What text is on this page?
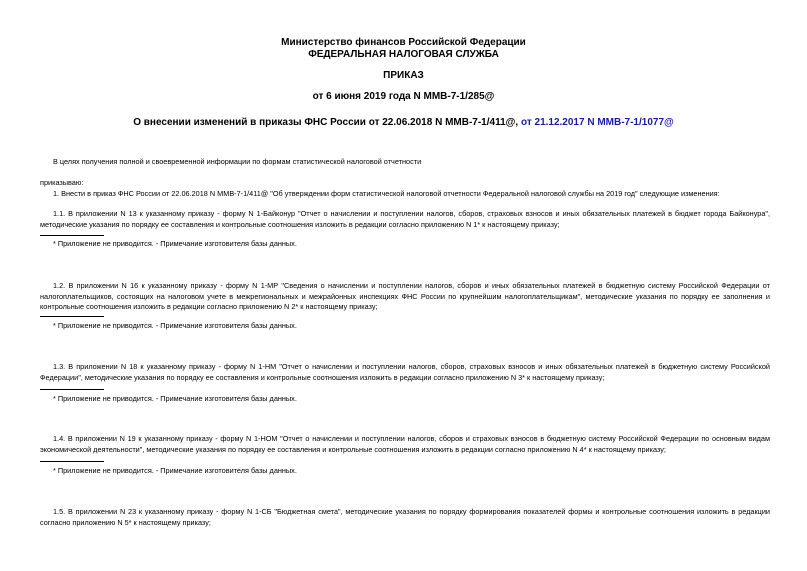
Министерство финансов Российской Федерации
ФЕДЕРАЛЬНАЯ НАЛОГОВАЯ СЛУЖБА
ПРИКАЗ
от 6 июня 2019 года N ММВ-7-1/285@
О внесении изменений в приказы ФНС России от 22.06.2018 N ММВ-7-1/411@, от 21.12.2017 N ММВ-7-1/1077@
В целях получения полной и своевременной информации по формам статистической налоговой отчетности
приказываю:
1. Внести в приказ ФНС России от 22.06.2018 N ММВ-7-1/411@ "Об утверждении форм статистической налоговой отчетности Федеральной налоговой службы на 2019 год" следующие изменения:
1.1. В приложении N 13 к указанному приказу - форму N 1-Байконур "Отчет о начислении и поступлении налогов, сборов, страховых взносов и иных обязательных платежей в бюджет города Байконура", методические указания по порядку ее составления и контрольные соотношения изложить в редакции согласно приложению N 1* к настоящему приказу;
* Приложение не приводится. - Примечание изготовителя базы данных.
1.2. В приложении N 16 к указанному приказу - форму N 1-МР "Сведения о начислении и поступлении налогов, сборов и иных обязательных платежей в бюджетную систему Российской Федерации от налогоплательщиков, состоящих на налоговом учете в межрегиональных и межрайонных инспекциях ФНС России по крупнейшим налогоплательщикам", методические указания по порядку ее заполнения и контрольные соотношения изложить в редакции согласно приложению N 2* к настоящему приказу;
* Приложение не приводится. - Примечание изготовителя базы данных.
1.3. В приложении N 18 к указанному приказу - форму N 1-НМ "Отчет о начислении и поступлении налогов, сборов, страховых взносов и иных обязательных платежей в бюджетную систему Российской Федерации", методические указания по порядку ее составления и контрольные соотношения изложить в редакции согласно приложению N 3* к настоящему приказу;
* Приложение не приводится. - Примечание изготовителя базы данных.
1.4. В приложении N 19 к указанному приказу - форму N 1-НОМ "Отчет о начислении и поступлении налогов, сборов и страховых взносов в бюджетную систему Российской Федерации по основным видам экономической деятельности", методические указания по порядку ее составления и контрольные соотношения изложить в редакции согласно приложению N 4* к настоящему приказу;
* Приложение не приводится. - Примечание изготовителя базы данных.
1.5. В приложении N 23 к указанному приказу - форму N 1-СБ "Бюджетная смета", методические указания по порядку формирования показателей формы и контрольные соотношения изложить в редакции согласно приложению N 5* к настоящему приказу;
